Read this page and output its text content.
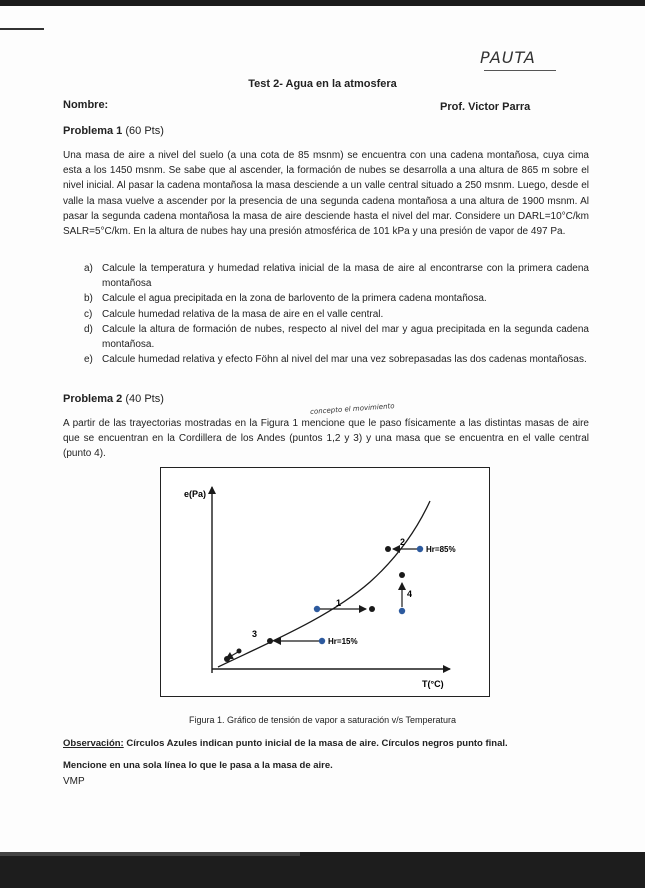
PAUTA
Test 2- Agua en la atmosfera
Nombre:	Prof. Victor Parra
Problema 1 (60 Pts)

Una masa de aire a nivel del suelo (a una cota de 85 msnm) se encuentra con una cadena montañosa, cuya cima esta a los 1450 msnm. Se sabe que al ascender, la formación de nubes se desarrolla a una altura de 865 m sobre el nivel inicial. Al pasar la cadena montañosa la masa desciende a un valle central situado a 250 msnm. Luego, desde el valle la masa vuelve a ascender por la presencia de una segunda cadena montañosa a una altura de 1900 msnm. Al pasar la segunda cadena montañosa la masa de aire desciende hasta el nivel del mar. Considere un DARL=10°C/km SALR=5°C/km. En la altura de nubes hay una presión atmosférica de 101 kPa y una presión de vapor de 497 Pa.

a) Calcule la temperatura y humedad relativa inicial de la masa de aire al encontrarse con la primera cadena montañosa
b) Calcule el agua precipitada en la zona de barlovento de la primera cadena montañosa.
c) Calcule humedad relativa de la masa de aire en el valle central.
d) Calcule la altura de formación de nubes, respecto al nivel del mar y agua precipitada en la segunda cadena montañosa.
e) Calcule humedad relativa y efecto Föhn al nivel del mar una vez sobrepasadas las dos cadenas montañosas.
Problema 2 (40 Pts)
concepto el movimiento

A partir de las trayectorias mostradas en la Figura 1 mencione que le paso físicamente a las distintas masas de aire que se encuentran en la Cordillera de los Andes (puntos 1,2 y 3) y una masa que se encuentra en el valle central (punto 4).

e(Pa)
T(°C)
3
Hr=15%
1
2
Hr=85%
4
Figura 1. Gráfico de tensión de vapor a saturación v/s Temperatura
Observación: Círculos Azules indican punto inicial de la masa de aire. Círculos negros punto final.
Mencione en una sola línea lo que le pasa a la masa de aire.
VMP
